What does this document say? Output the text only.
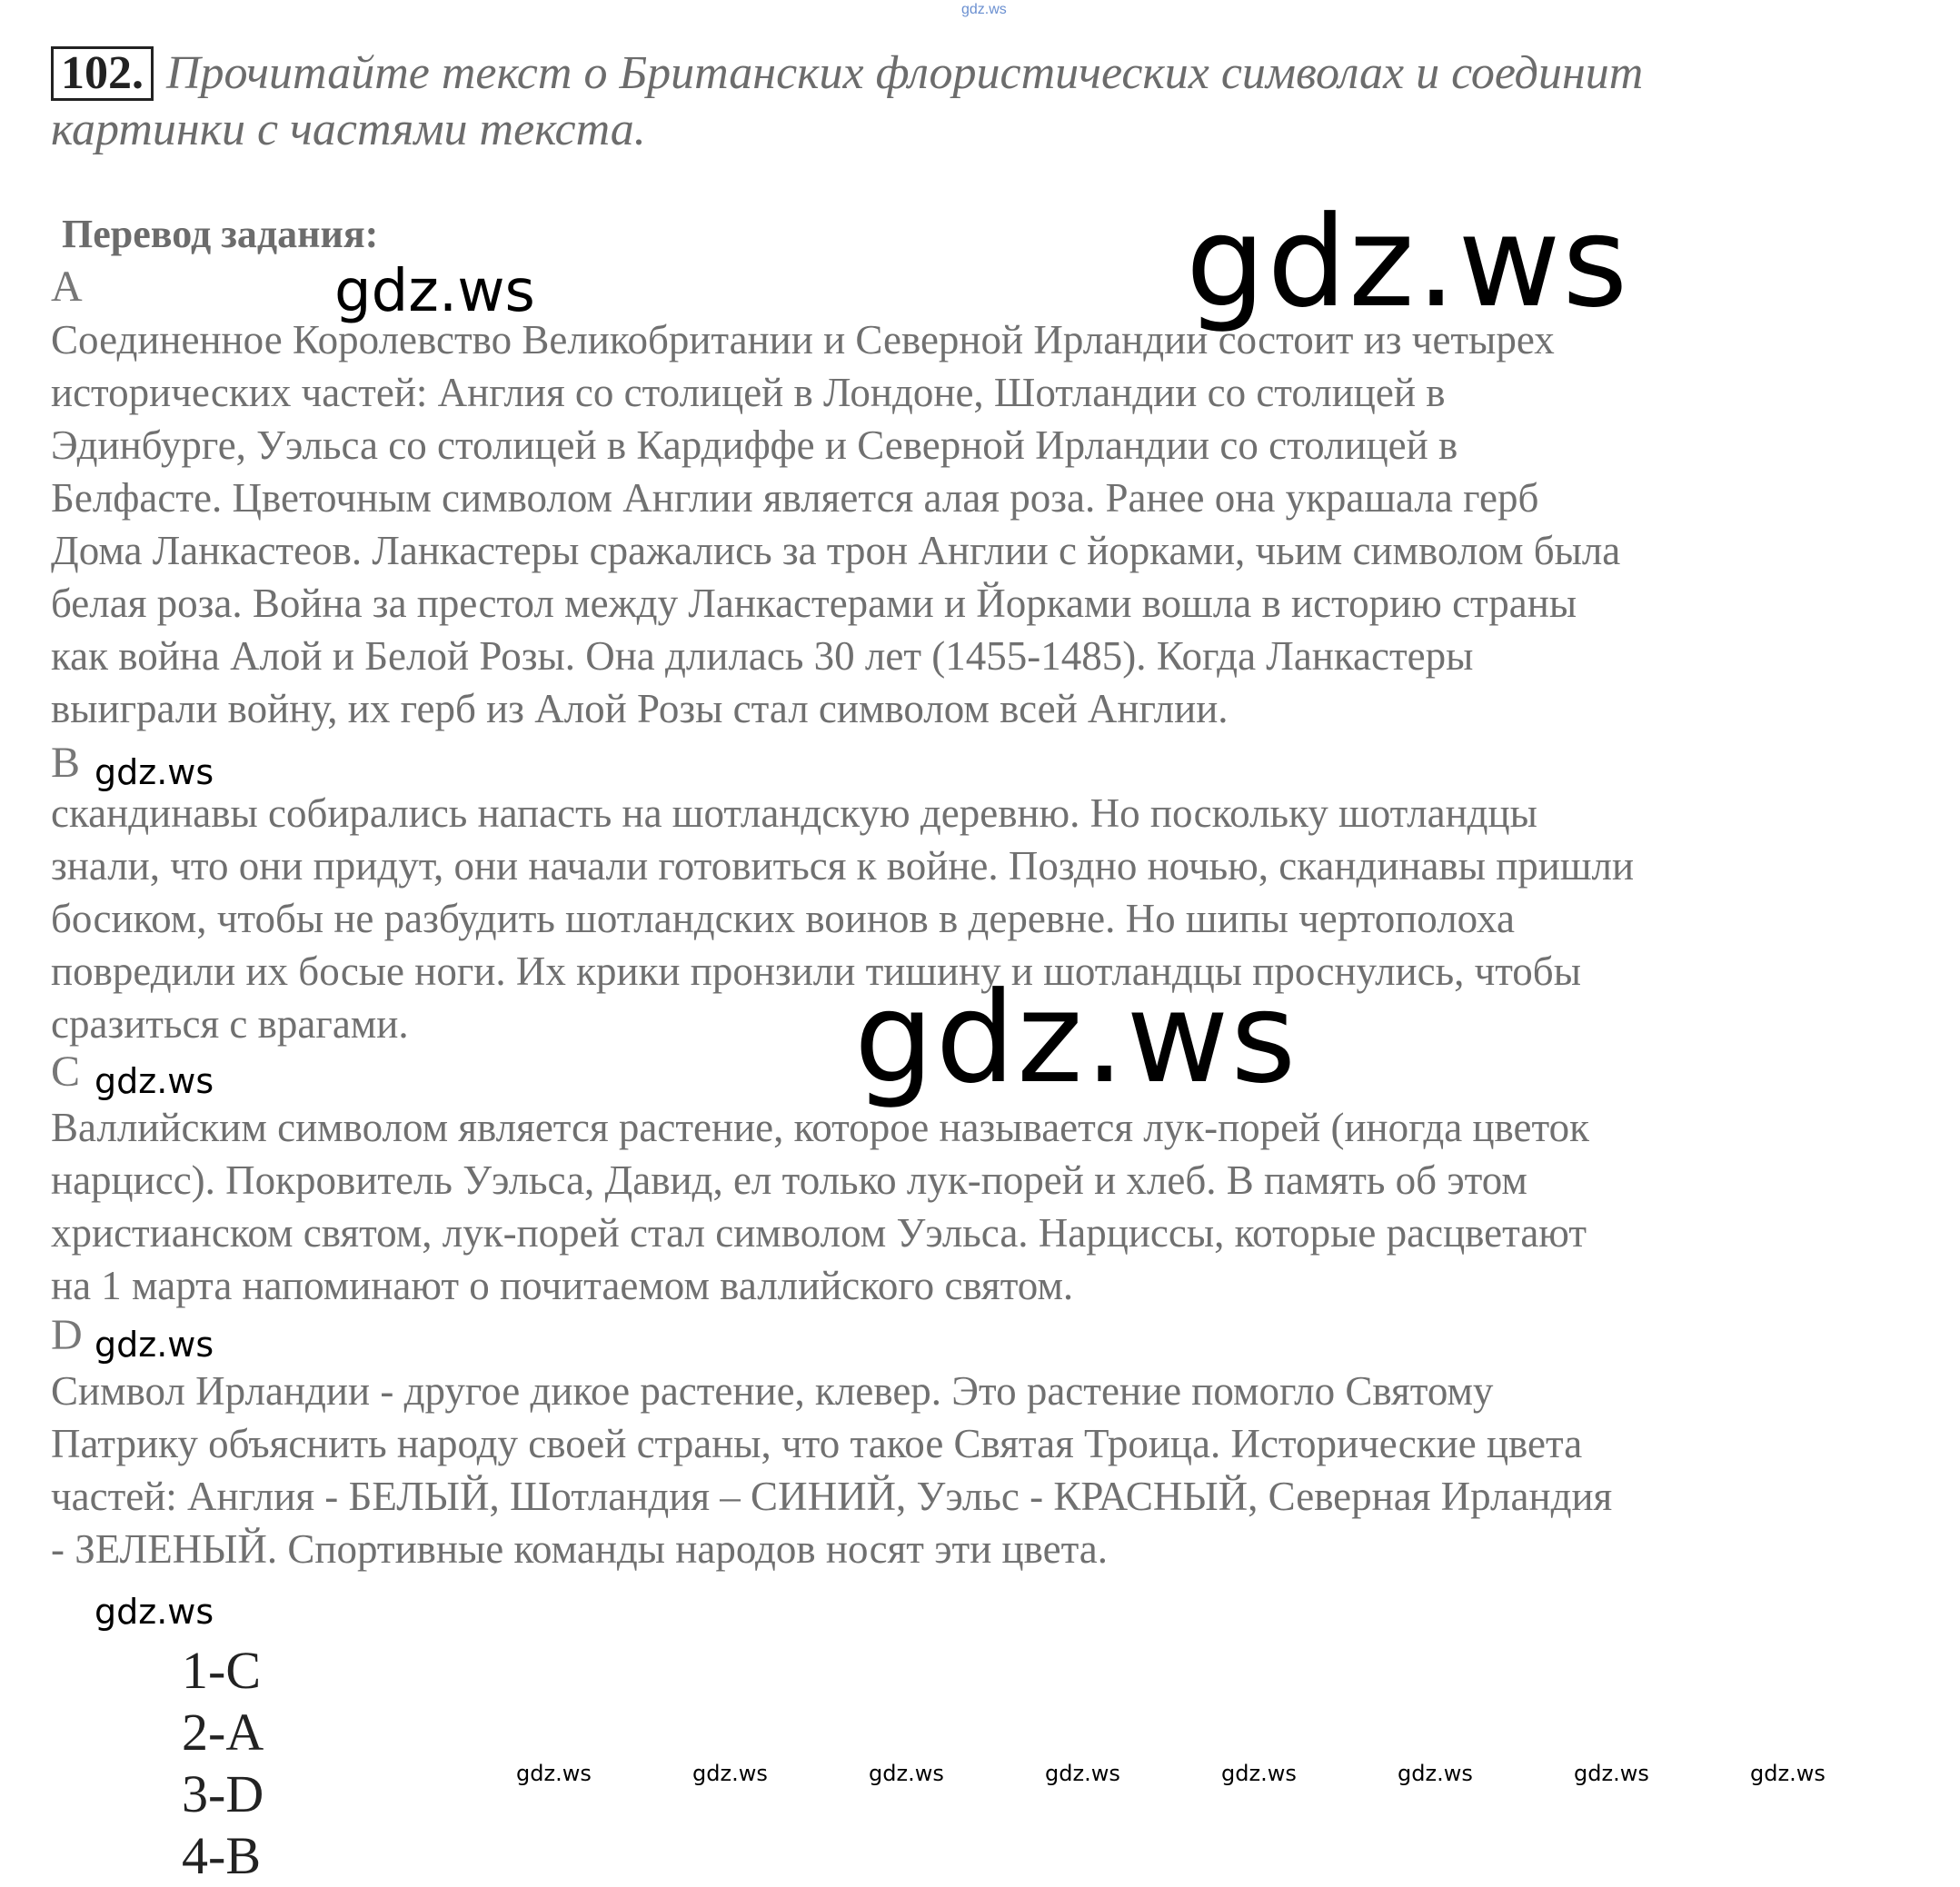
gdz.ws
102. Прочитайте текст о Британских флористических символах и соединит картинки с частями текста.
Перевод задания:
A
Соединенное Королевство Великобритании и Северной Ирландии состоит из четырех
исторических частей: Англия со столицей в Лондоне, Шотландии со столицей в
Эдинбурге, Уэльса со столицей в Кардиффе и Северной Ирландии со столицей в
Белфасте. Цветочным символом Англии является алая роза. Ранее она украшала герб
Дома Ланкастеов. Ланкастеры сражались за трон Англии с йорками, чьим символом была
белая роза. Война за престол между Ланкастерами и Йорками вошла в историю страны
как война Алой и Белой Розы. Она длилась 30 лет (1455-1485). Когда Ланкастеры
выиграли войну, их герб из Алой Розы стал символом всей Англии.
B
скандинавы собирались напасть на шотландскую деревню. Но поскольку шотландцы
знали, что они придут, они начали готовиться к войне. Поздно ночью, скандинавы пришли
босиком, чтобы не разбудить шотландских воинов в деревне. Но шипы чертополоха
повредили их босые ноги. Их крики пронзили тишину и шотландцы проснулись, чтобы
сразиться с врагами.
C
Валлийским символом является растение, которое называется лук-порей (иногда цветок
нарцисс). Покровитель Уэльса, Давид, ел только лук-порей и хлеб. В память об этом
христианском святом, лук-порей стал символом Уэльса. Нарциссы, которые расцветают
на 1 марта напоминают о почитаемом валлийского святом.
D
Символ Ирландии - другое дикое растение, клевер. Это растение помогло Святому
Патрику объяснить народу своей страны, что такое Святая Троица. Исторические цвета
частей: Англия - БЕЛЫЙ, Шотландия – СИНИЙ, Уэльс - КРАСНЫЙ, Северная Ирландия
- ЗЕЛЕНЫЙ. Спортивные команды народов носят эти цвета.
1-C
2-A
3-D
4-B
gdz.ws
gdz.ws
gdz.ws
gdz.ws
gdz.ws
gdz.ws
gdz.ws
gdz.ws	gdz.ws	gdz.ws	gdz.ws	gdz.ws	gdz.ws	gdz.ws	gdz.ws
